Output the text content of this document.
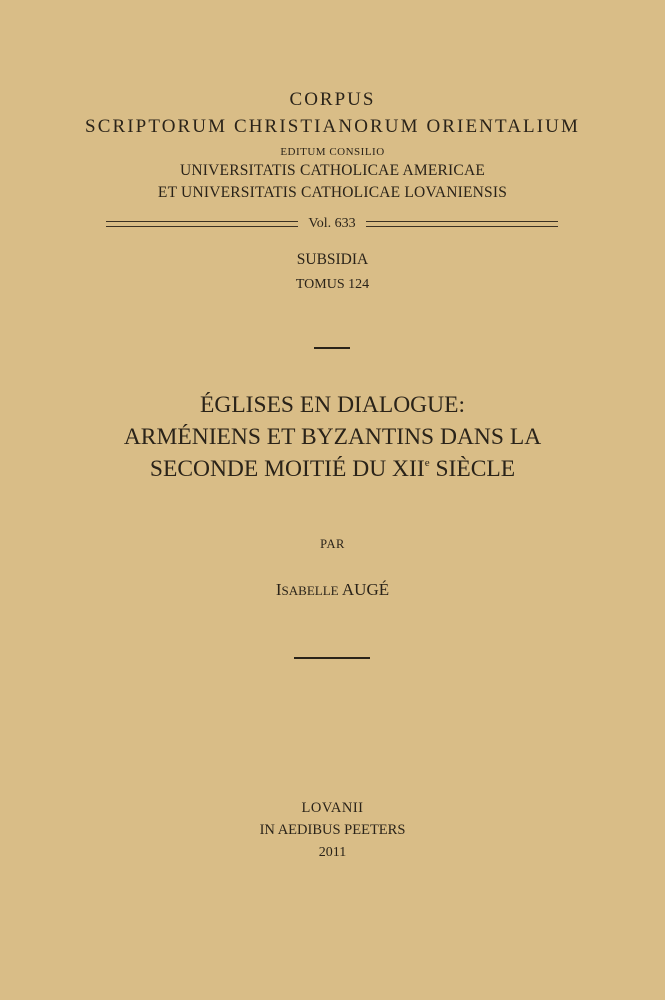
CORPUS

SCRIPTORUM CHRISTIANORUM ORIENTALIUM

EDITUM CONSILIO

UNIVERSITATIS CATHOLICAE AMERICAE

ET UNIVERSITATIS CATHOLICAE LOVANIENSIS

Vol. 633

SUBSIDIA

TOMUS 124

ÉGLISES EN DIALOGUE:
ARMÉNIENS ET BYZANTINS DANS LA
SECONDE MOITIÉ DU XIIe SIÈCLE

PAR

ISABELLE AUGÉ

LOVANII

IN AEDIBUS PEETERS

2011
